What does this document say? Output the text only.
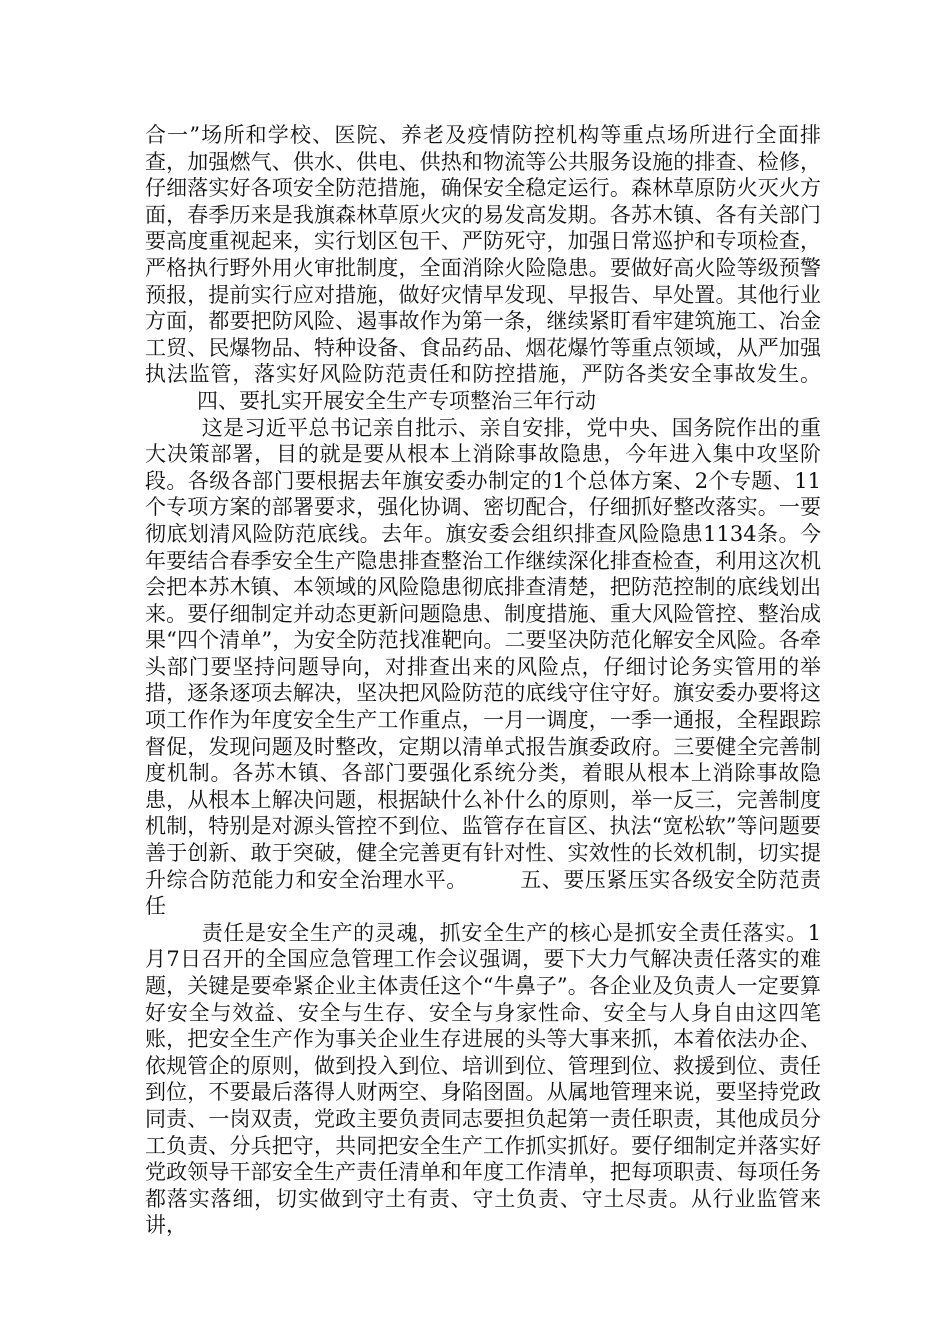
合一”场所和学校、医院、养老及疫情防控机构等重点场所进行全面排查，加强燃气、供水、供电、供热和物流等公共服务设施的排查、检修，仔细落实好各项安全防范措施，确保安全稳定运行。森林草原防火灭火方面，春季历来是我旗森林草原火灾的易发高发期。各苏木镇、各有关部门要高度重视起来，实行划区包干、严防死守，加强日常巡护和专项检查，严格执行野外用火审批制度，全面消除火险隐患。要做好高火险等级预警预报，提前实行应对措施，做好灾情早发现、早报告、早处置。其他行业方面，都要把防风险、遏事故作为第一条，继续紧盯看牢建筑施工、冶金工贸、民爆物品、特种设备、食品药品、烟花爆竹等重点领域，从严加强执法监管，落实好风险防范责任和防控措施，严防各类安全事故发生。四、要扎实开展安全生产专项整治三年行动

这是习近平总书记亲自批示、亲自安排，党中央、国务院作出的重大决策部署，目的就是要从根本上消除事故隐患，今年进入集中攻坚阶段。各级各部门要根据去年旗安委办制定的1个总体方案、2个专题、11个专项方案的部署要求，强化协调、密切配合，仔细抓好整改落实。一要彻底划清风险防范底线。去年。旗安委会组织排查风险隐患1134条。今年要结合春季安全生产隐患排查整治工作继续深化排查检查，利用这次机会把本苏木镇、本领域的风险隐患彻底排查清楚，把防范控制的底线划出来。要仔细制定并动态更新问题隐患、制度措施、重大风险管控、整治成果“四个清单”，为安全防范找准靶向。二要坚决防范化解安全风险。各牵头部门要坚持问题导向，对排查出来的风险点，仔细讨论务实管用的举措，逐条逐项去解决，坚决把风险防范的底线守住守好。旗安委办要将这项工作作为年度安全生产工作重点，一月一调度，一季一通报，全程跟踪督促，发现问题及时整改，定期以清单式报告旗委政府。三要健全完善制度机制。各苏木镇、各部门要强化系统分类，着眼从根本上消除事故隐患，从根本上解决问题，根据缺什么补什么的原则，举一反三，完善制度机制，特别是对源头管控不到位、监管存在盲区、执法“宽松软”等问题要善于创新、敢于突破，健全完善更有针对性、实效性的长效机制，切实提升综合防范能力和安全治理水平。 五、要压紧压实各级安全防范责任

责任是安全生产的灵魂，抓安全生产的核心是抓安全责任落实。1月7日召开的全国应急管理工作会议强调，要下大力气解决责任落实的难题，关键是要牵紧企业主体责任这个“牛鼻子”。各企业及负责人一定要算好安全与效益、安全与生存、安全与身家性命、安全与人身自由这四笔账，把安全生产作为事关企业生存进展的头等大事来抓，本着依法办企、依规管企的原则，做到投入到位、培训到位、管理到位、救援到位、责任到位，不要最后落得人财两空、身陷囹圄。从属地管理来说，要坚持党政同责、一岗双责，党政主要负责同志要担负起第一责任职责，其他成员分工负责、分兵把守，共同把安全生产工作抓实抓好。要仔细制定并落实好党政领导干部安全生产责任清单和年度工作清单，把每项职责、每项任务都落实落细，切实做到守土有责、守土负责、守土尽责。从行业监管来讲，
